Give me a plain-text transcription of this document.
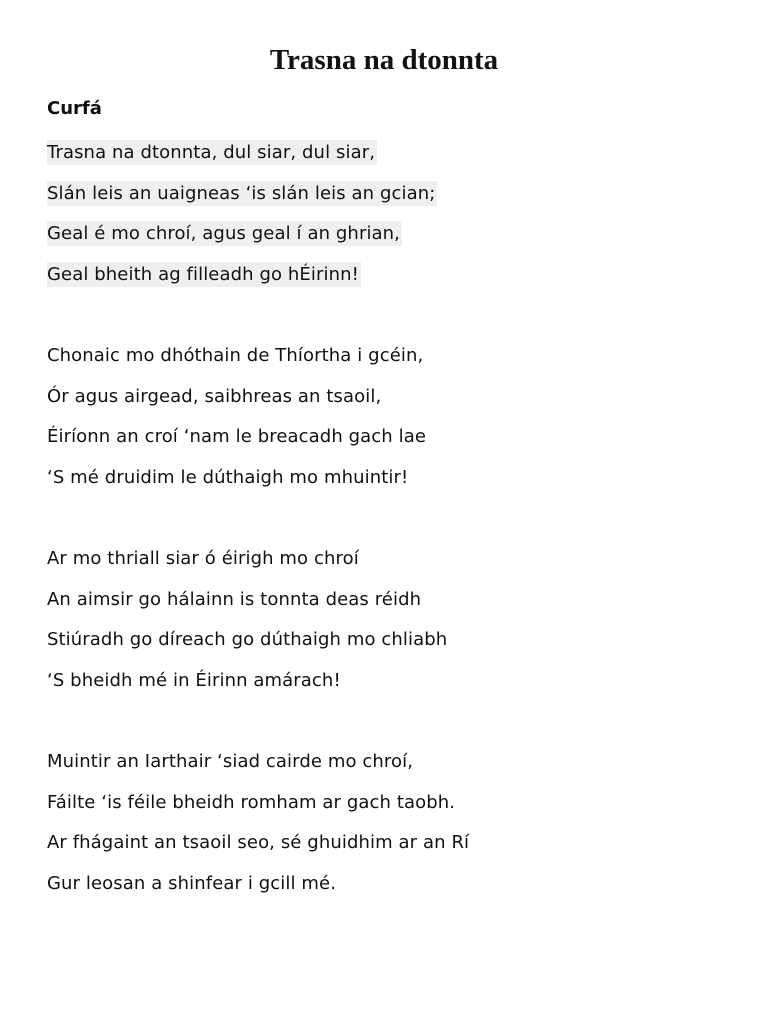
Trasna na dtonnta
Curfá
Trasna na dtonnta, dul siar, dul siar,
Slán leis an uaigneas ‘is slán leis an gcian;
Geal é mo chroí, agus geal í an ghrian,
Geal bheith ag filleadh go hÉirinn!
Chonaic mo dhóthain de Thíortha i gcéin,
Ór agus airgead, saibhreas an tsaoil,
Éiríonn an croí ‘nam le breacadh gach lae
‘S mé druidim le dúthaigh mo mhuintir!
Ar mo thriall siar ó éirigh mo chroí
An aimsir go hálainn is tonnta deas réidh
Stiúradh go díreach go dúthaigh mo chliabh
‘S bheidh mé in Éirinn amárach!
Muintir an Iarthair ‘siad cairde mo chroí,
Fáilte ‘is féile bheidh romham ar gach taobh.
Ar fhágaint an tsaoil seo, sé ghuidhim ar an Rí
Gur leosan a shinfear i gcill mé.
